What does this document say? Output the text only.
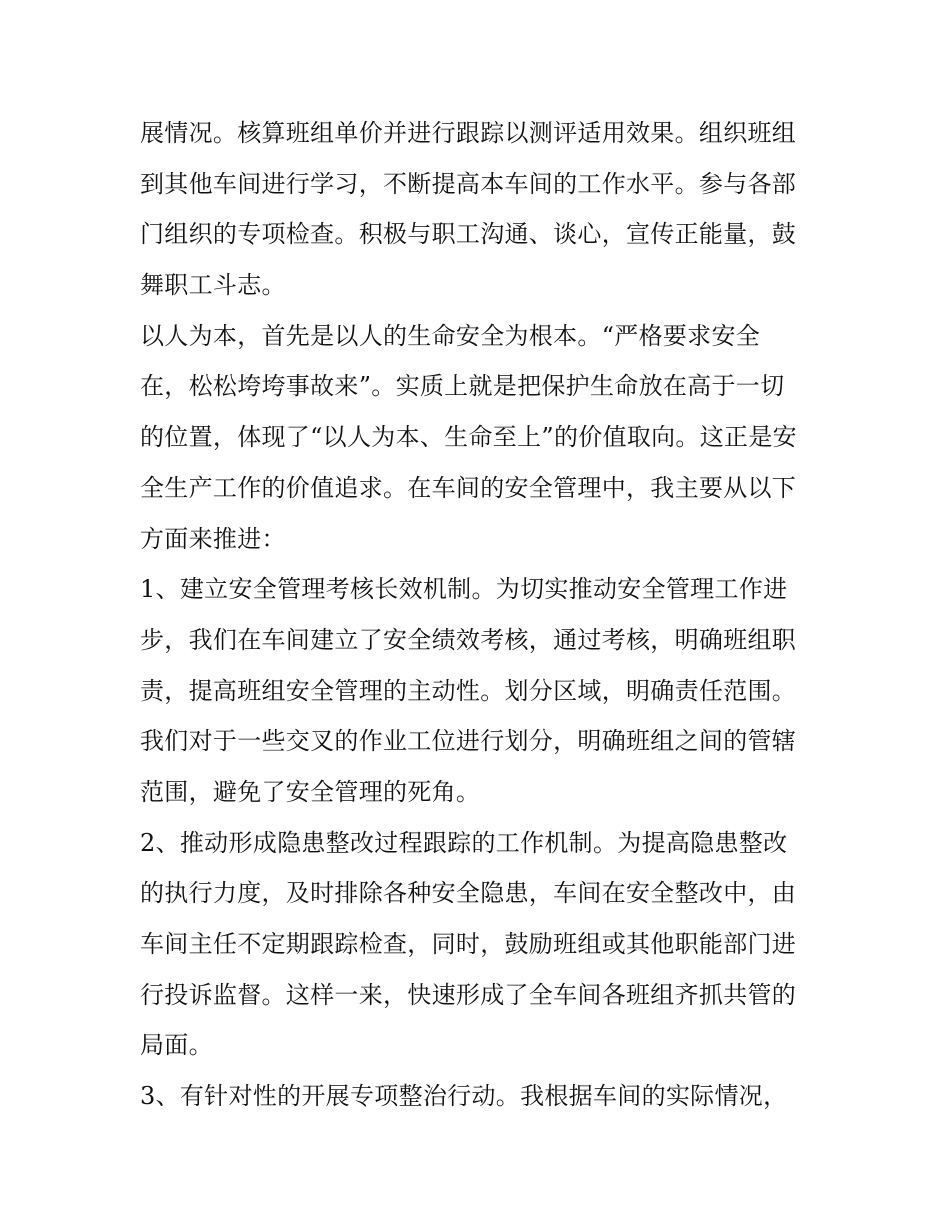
展情况。核算班组单价并进行跟踪以测评适用效果。组织班组
到其他车间进行学习，不断提高本车间的工作水平。参与各部
门组织的专项检查。积极与职工沟通、谈心，宣传正能量，鼓
舞职工斗志。
以人为本，首先是以人的生命安全为根本。“严格要求安全
在，松松垮垮事故来”。实质上就是把保护生命放在高于一切
的位置，体现了“以人为本、生命至上”的价值取向。这正是安
全生产工作的价值追求。在车间的安全管理中，我主要从以下
方面来推进：
1、建立安全管理考核长效机制。为切实推动安全管理工作进
步，我们在车间建立了安全绩效考核，通过考核，明确班组职
责，提高班组安全管理的主动性。划分区域，明确责任范围。
我们对于一些交叉的作业工位进行划分，明确班组之间的管辖
范围，避免了安全管理的死角。
2、推动形成隐患整改过程跟踪的工作机制。为提高隐患整改
的执行力度，及时排除各种安全隐患，车间在安全整改中，由
车间主任不定期跟踪检查，同时，鼓励班组或其他职能部门进
行投诉监督。这样一来，快速形成了全车间各班组齐抓共管的
局面。
3、有针对性的开展专项整治行动。我根据车间的实际情况，
